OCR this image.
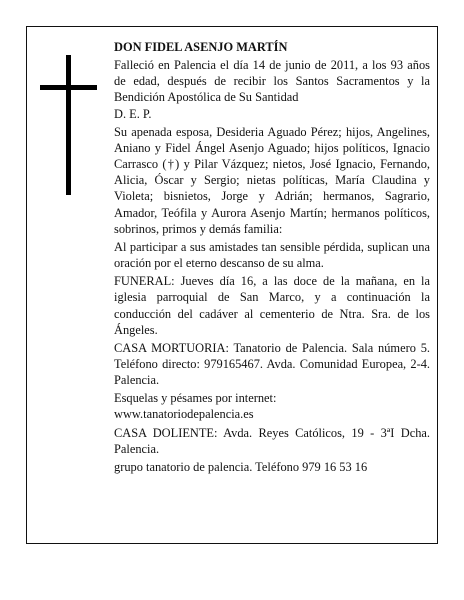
DON FIDEL ASENJO MARTÍN

Falleció en Palencia el día 14 de junio de 2011, a los 93 años de edad, después de recibir los Santos Sacramentos y la Bendición Apostólica de Su Santidad
D. E. P.

Su apenada esposa, Desideria Aguado Pérez; hijos, Angelines, Aniano y Fidel Ángel Asenjo Aguado; hijos políticos, Ignacio Carrasco (†) y Pilar Vázquez; nietos, José Ignacio, Fernando, Alicia, Óscar y Sergio; nietas políticas, María Claudina y Violeta; bisnietos, Jorge y Adrián; hermanos, Sagrario, Amador, Teófila y Aurora Asenjo Martín; hermanos políticos, sobrinos, primos y demás familia:

Al participar a sus amistades tan sensible pérdida, suplican una oración por el eterno descanso de su alma.

FUNERAL: Jueves día 16, a las doce de la mañana, en la iglesia parroquial de San Marco, y a continuación la conducción del cadáver al cementerio de Ntra. Sra. de los Ángeles.

CASA MORTUORIA: Tanatorio de Palencia. Sala número 5. Teléfono directo: 979165467. Avda. Comunidad Europea, 2-4. Palencia.

Esquelas y pésames por internet:
www.tanatoriodepalencia.es

CASA DOLIENTE: Avda. Reyes Católicos, 19 - 3ªI Dcha. Palencia.

grupo tanatorio de palencia. Teléfono 979 16 53 16
